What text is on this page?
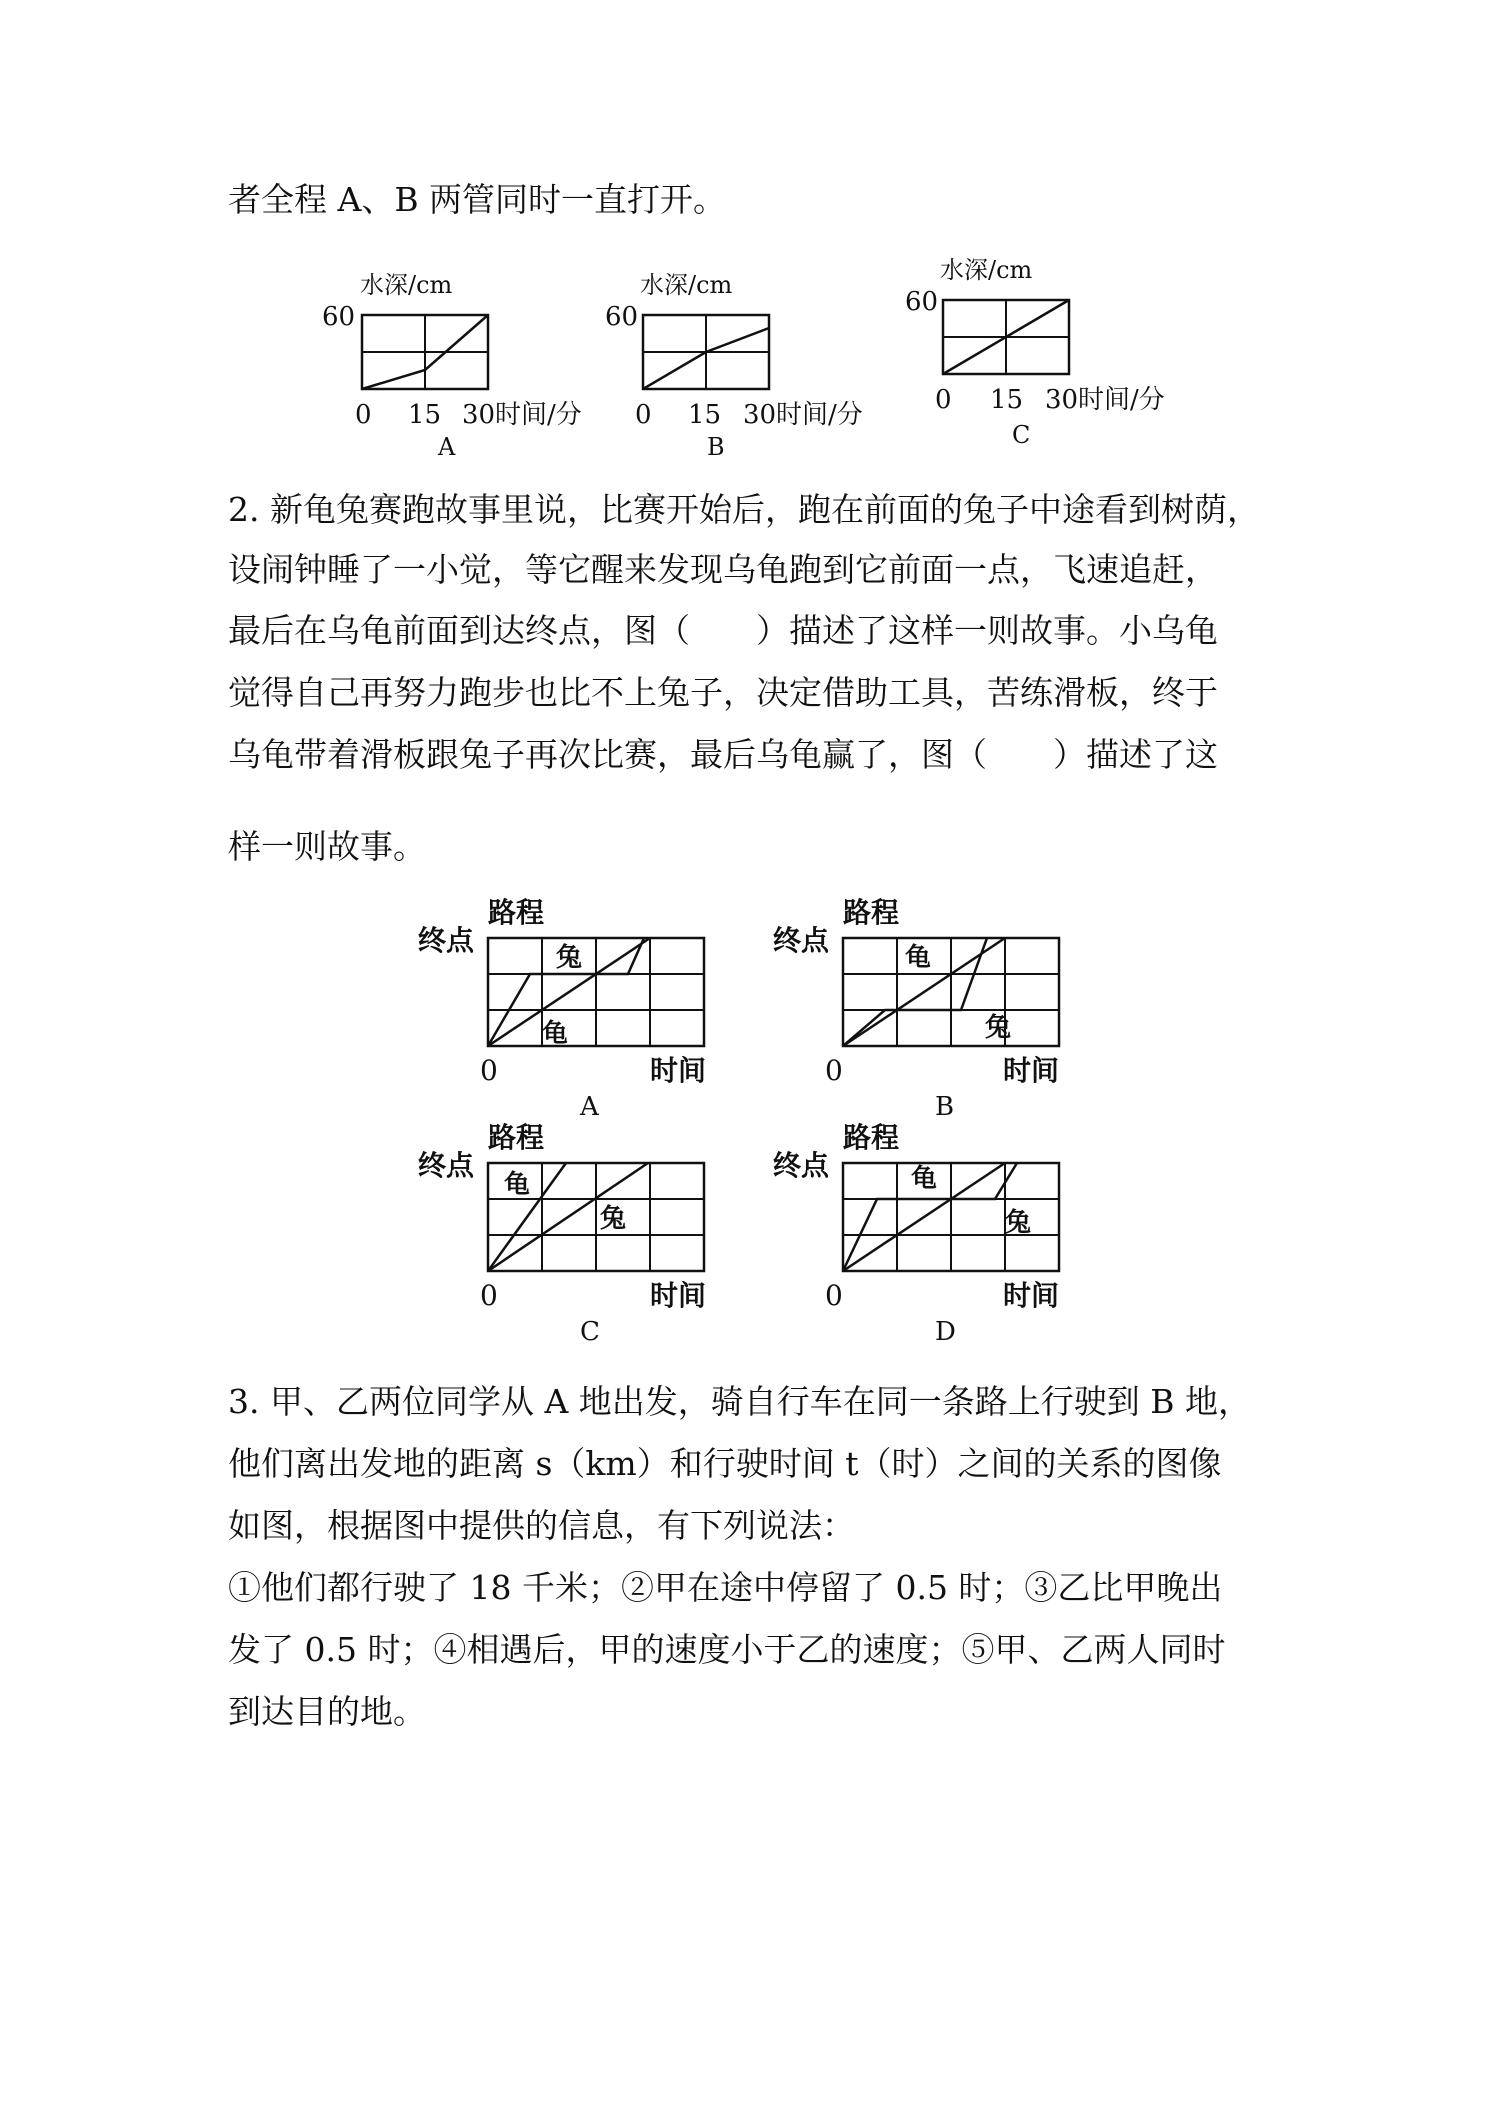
者全程 A、B 两管同时一直打开。
水深/cm
60
0 15 30 时间/分
A
水深/cm
60
0 15 30 时间/分
B
水深/cm
60
0 15 30 时间/分
C
2. 新龟兔赛跑故事里说，比赛开始后，跑在前面的兔子中途看到树荫，
设闹钟睡了一小觉，等它醒来发现乌龟跑到它前面一点，飞速追赶，
最后在乌龟前面到达终点，图（　　）描述了这样一则故事。小乌龟
觉得自己再努力跑步也比不上兔子，决定借助工具，苦练滑板，终于
乌龟带着滑板跟兔子再次比赛，最后乌龟赢了，图（　　）描述了这
样一则故事。
路程
终点
兔
龟
0	时间
A
路程
终点
龟
兔
0	时间
B
路程
终点
龟
兔
0	时间
C
路程
终点	龟
兔
0	时间
D
3. 甲、乙两位同学从 A 地出发，骑自行车在同一条路上行驶到 B 地，
他们离出发地的距离 s（km）和行驶时间 t（时）之间的关系的图像
如图，根据图中提供的信息，有下列说法：
①他们都行驶了 18 千米；②甲在途中停留了 0.5 时；③乙比甲晚出
发了 0.5 时；④相遇后，甲的速度小于乙的速度；⑤甲、乙两人同时
到达目的地。
